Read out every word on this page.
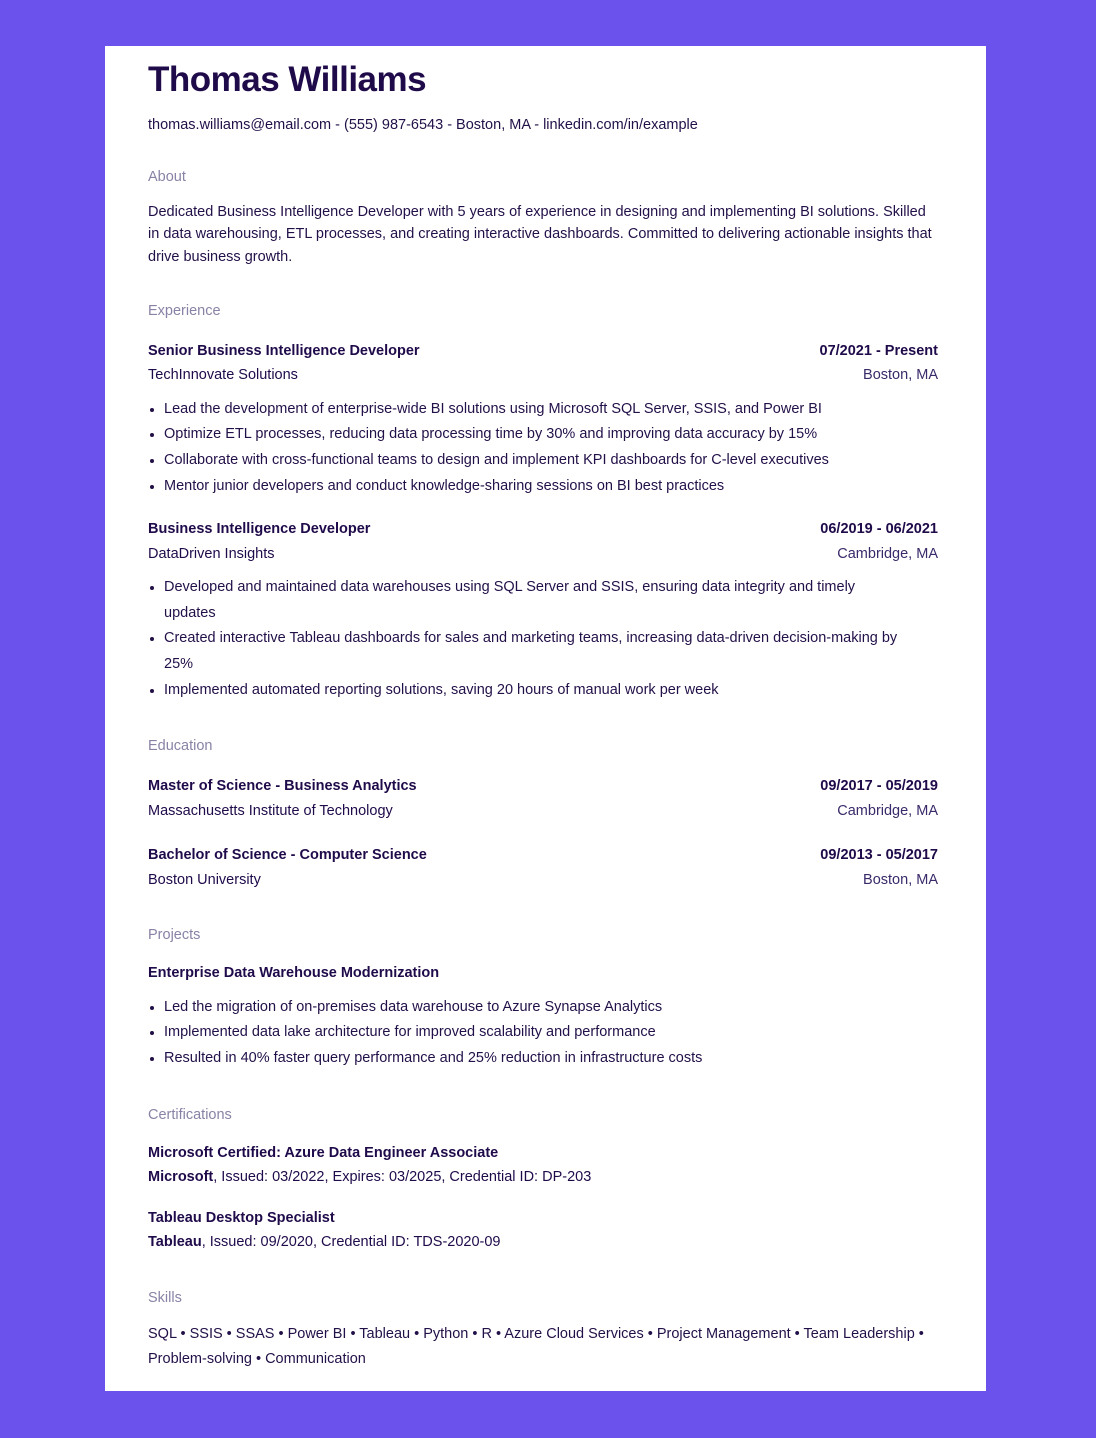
Thomas Williams
thomas.williams@email.com - (555) 987-6543 - Boston, MA - linkedin.com/in/example
About
Dedicated Business Intelligence Developer with 5 years of experience in designing and implementing BI solutions. Skilled in data warehousing, ETL processes, and creating interactive dashboards. Committed to delivering actionable insights that drive business growth.
Experience
Senior Business Intelligence Developer	07/2021 - Present
TechInnovate Solutions	Boston, MA
• Lead the development of enterprise-wide BI solutions using Microsoft SQL Server, SSIS, and Power BI
• Optimize ETL processes, reducing data processing time by 30% and improving data accuracy by 15%
• Collaborate with cross-functional teams to design and implement KPI dashboards for C-level executives
• Mentor junior developers and conduct knowledge-sharing sessions on BI best practices
Business Intelligence Developer	06/2019 - 06/2021
DataDriven Insights	Cambridge, MA
• Developed and maintained data warehouses using SQL Server and SSIS, ensuring data integrity and timely updates
• Created interactive Tableau dashboards for sales and marketing teams, increasing data-driven decision-making by 25%
• Implemented automated reporting solutions, saving 20 hours of manual work per week
Education
Master of Science - Business Analytics	09/2017 - 05/2019
Massachusetts Institute of Technology	Cambridge, MA
Bachelor of Science - Computer Science	09/2013 - 05/2017
Boston University	Boston, MA
Projects
Enterprise Data Warehouse Modernization
• Led the migration of on-premises data warehouse to Azure Synapse Analytics
• Implemented data lake architecture for improved scalability and performance
• Resulted in 40% faster query performance and 25% reduction in infrastructure costs
Certifications
Microsoft Certified: Azure Data Engineer Associate
Microsoft, Issued: 03/2022, Expires: 03/2025, Credential ID: DP-203
Tableau Desktop Specialist
Tableau, Issued: 09/2020, Credential ID: TDS-2020-09
Skills
SQL • SSIS • SSAS • Power BI • Tableau • Python • R • Azure Cloud Services • Project Management • Team Leadership • Problem-solving • Communication
